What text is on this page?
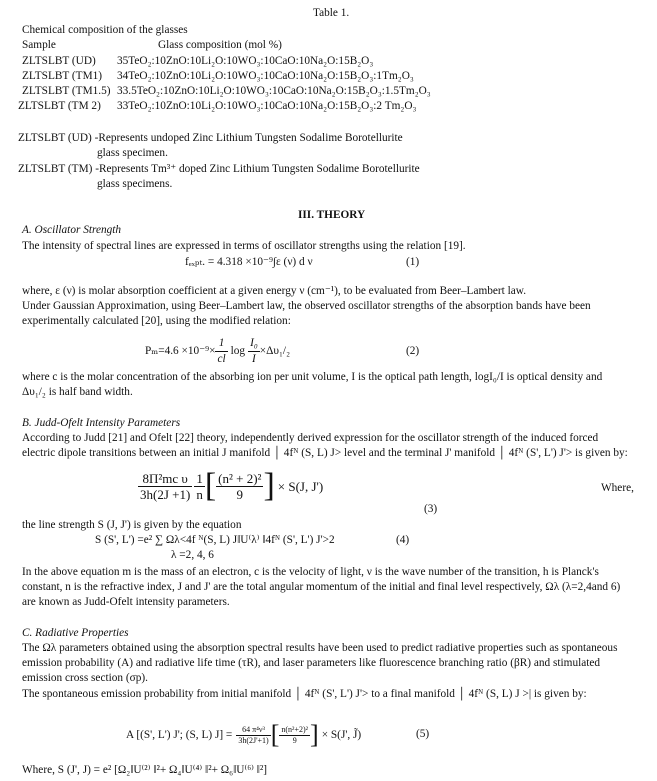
Table 1.
Chemical composition of the glasses
Sample	Glass composition (mol %)
ZLTSLBT (UD) 35TeO₂:10ZnO:10Li₂O:10WO₃:10CaO:10Na₂O:15B₂O₃
ZLTSLBT (TM1) 34TeO₂:10ZnO:10Li₂O:10WO₃:10CaO:10Na₂O:15B₂O₃:1Tm₂O₃
ZLTSLBT (TM1.5) 33.5TeO₂:10ZnO:10Li₂O:10WO₃:10CaO:10Na₂O:15B₂O₃:1.5Tm₂O₃
ZLTSLBT (TM 2) 33TeO₂:10ZnO:10Li₂O:10WO₃:10CaO:10Na₂O:15B₂O₃:2 Tm₂O₃
ZLTSLBT (UD) -Represents undoped Zinc Lithium Tungsten Sodalime Borotellurite
glass specimen.
ZLTSLBT (TM) -Represents Tm³⁺ doped Zinc Lithium Tungsten Sodalime Borotellurite
glass specimens.
III. THEORY
A. Oscillator Strength
The intensity of spectral lines are expressed in terms of oscillator strengths using the relation [19].
fₑₓₚₜ. = 4.318 ×10⁻⁹∫ε (ν) d ν	(1)
where, ε (ν) is molar absorption coefficient at a given energy ν (cm⁻¹), to be evaluated from Beer–Lambert law.
Under Gaussian Approximation, using Beer–Lambert law, the observed oscillator strengths of the absorption bands have been
experimentally calculated [20], using the modified relation:
$P_m=4.6 \times 10^{-9}\times \frac{1}{cl}$ $\log \frac{\text{I₀}}{I} \times\Delta\upsilon_1/_2$	(2)
where c is the molar concentration of the absorbing ion per unit volume, I is the optical path length, logI₀/I is optical density and
Δυ₁/₂ is half band width.
B. Judd-Ofelt Intensity Parameters
According to Judd [21] and Ofelt [22] theory, independently derived expression for the oscillator strength of the induced forced
electric dipole transitions between an initial J manifold │ 4fᴺ (S, L) J> level and the terminal J' manifold │ 4fᴺ (S', L') J'> is given by:
$\frac{\text{8Π²mc υ}}{3h(2J +1)} \frac{1}{n}$ [ $\frac{\text{(n² + 2)²}}{9}$ ] × S(J, J')	Where,
(3)
the line strength S (J, J') is given by the equation
S (S', L') =e² ∑ Ωλ<4f ᴺ(S, L) J‖U⁽λ⁾ ‖4fᴺ (S', L') J'>2	(4)
λ =2, 4, 6
In the above equation m is the mass of an electron, c is the velocity of light, ν is the wave number of the transition, h is Planck's
constant, n is the refractive index, J and J' are the total angular momentum of the initial and final level respectively, Ωλ (λ=2,4and 6)
are known as Judd-Ofelt intensity parameters.
C. Radiative Properties
The Ωλ parameters obtained using the absorption spectral results have been used to predict radiative properties such as spontaneous
emission probability (A) and radiative life time (τR), and laser parameters like fluorescence branching ratio (βR) and stimulated
emission cross section (σp).
The spontaneous emission probability from initial manifold │ 4fᴺ (S', L') J'> to a final manifold │ 4fᴺ (S, L) J >| is given by:
A [(S', L') J'; (S, L) $J] = \frac{\text{64 π⁴ν³}}{3h(2J'+1)}$ [ $\frac{\text{n(n²+2)²}}{9}$ ] × S(J', J̃)	(5)
Where, S (J', J) = e² [Ω₂‖U⁽²⁾ ‖²+ Ω₄‖U⁽⁴⁾ ‖²+ Ω₆‖U⁽⁶⁾ ‖²]
